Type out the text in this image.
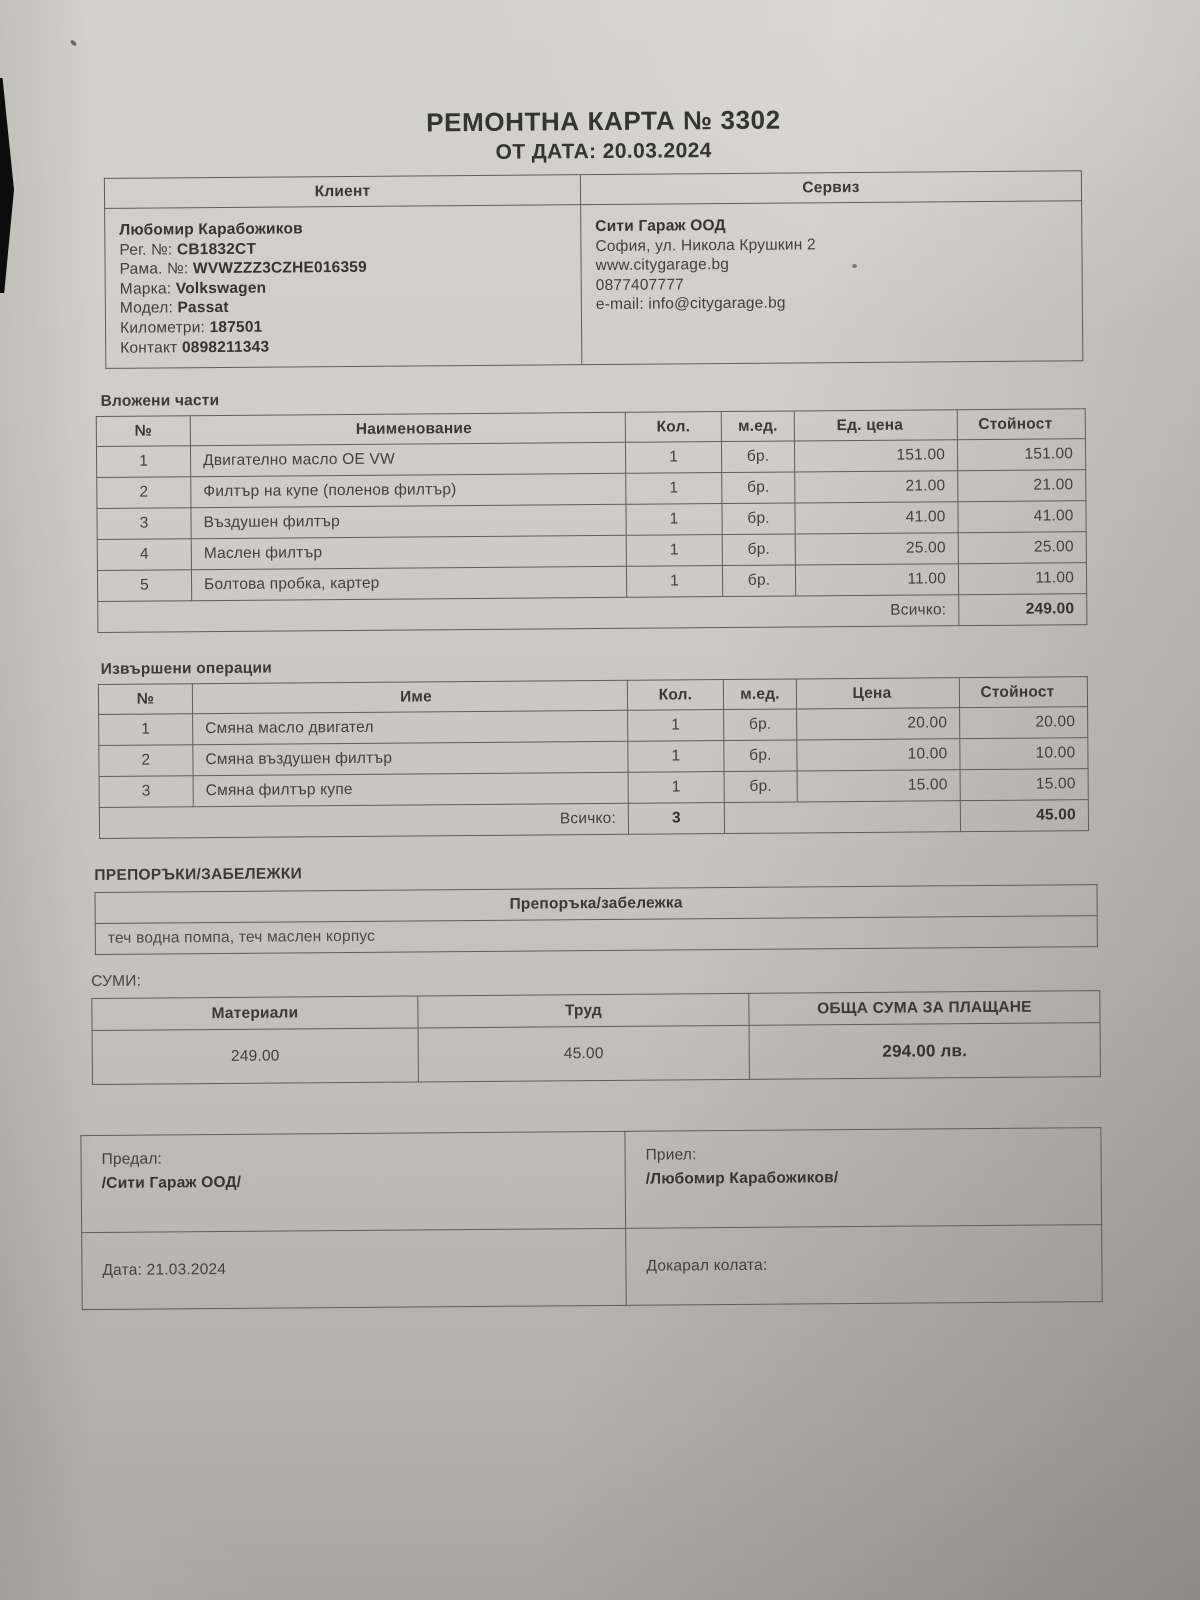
РЕМОНТНА КАРТА № 3302
ОТ ДАТА: 20.03.2024
Клиент	Сервиз

Любомир Карабожиков
Рег. №: CB1832CT
Рама. №: WVWZZZ3CZHE016359
Марка: Volkswagen
Модел: Passat
Километри: 187501
Контакт 0898211343

Сити Гараж ООД
София, ул. Никола Крушкин 2
www.citygarage.bg
0877407777
e-mail: info@citygarage.bg
Вложени части
№	Наименование	Кол.	м.ед.	Ед. цена	Стойност
1	Двигателно масло OE VW	1	бр.	151.00	151.00
2	Филтър на купе (поленов филтър)	1	бр.	21.00	21.00
3	Въздушен филтър	1	бр.	41.00	41.00
4	Маслен филтър	1	бр.	25.00	25.00
5	Болтова пробка, картер	1	бр.	11.00	11.00
Всичко:					249.00
Извършени операции
№	Име	Кол.	м.ед.	Цена	Стойност
1	Смяна масло двигател	1	бр.	20.00	20.00
2	Смяна въздушен филтър	1	бр.	10.00	10.00
3	Смяна филтър купе	1	бр.	15.00	15.00
Всичко:		3			45.00
ПРЕПОРЪКИ/ЗАБЕЛЕЖКИ
Препоръка/забележка
теч водна помпа, теч маслен корпус
СУМИ:
Материали	Труд	ОБЩА СУМА ЗА ПЛАЩАНЕ
249.00	45.00	294.00 лв.
Предал:
/Сити Гараж ООД/

Приел:
/Любомир Карабожиков/

Дата: 21.03.2024	Докарал колата:
